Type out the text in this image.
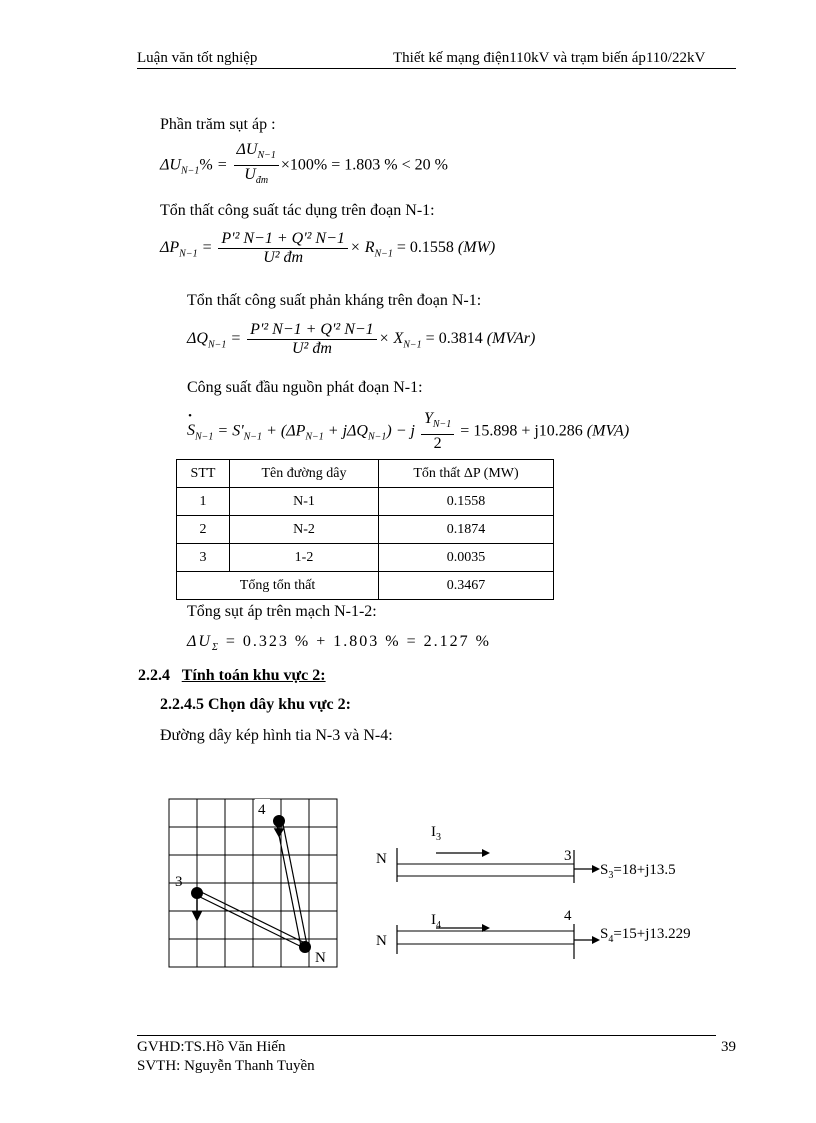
Luận văn tốt nghiệp	Thiết kế mạng điện110kV và trạm biến áp110/22kV
Phần trăm sụt áp :
$\Delta U_{N-1}\% = \frac{\Delta U_{N-1}}{U_{đm}} \times 100\% = 1.803$ % < 20 %
Tổn thất công suất tác dụng trên đoạn N-1:
$\Delta P_{N-1} = \frac{\text{P'² N−1 + Q'² N−1}}{\text{U² đm}} \times R_{N-1} = 0.1558$ (MW)
Tổn thất công suất phản kháng trên đoạn N-1:
$\Delta Q_{N-1} = \frac{\text{P'² N−1 + Q'² N−1}}{\text{U² đm}} \times X_{N-1} = 0.3814$ (MVAr)
Công suất đầu nguồn phát đoạn N-1:
• $S_{N-1} = S'_{N-1} + (\Delta P_{N-1} + j\Delta Q_{N-1}) - j \frac{Y_{N-1}}{2} = 15.898 + j10.286$ (MVA)
STT	Tên đường dây	Tổn thất ΔP (MW)
1	N-1	0.1558
2	N-2	0.1874
3	1-2	0.0035
Tổng tổn thất		0.3467
Tổng sụt áp trên mạch N-1-2:
$\Delta U_\Sigma = 0.323$ % + 1.803 % = 2.127 %
2.2.4 Tính toán khu vực 2:
2.2.4.5 Chọn dây khu vực 2:
Đường dây kép hình tia N-3 và N-4:
4
3
N
$I_3$
N	3
$S_3=18+j13.5$
$I_4$
N
4
$S_4=15+j13.229$
GVHD:TS.Hồ Văn Hiến
SVTH: Nguyễn Thanh Tuyền
39
